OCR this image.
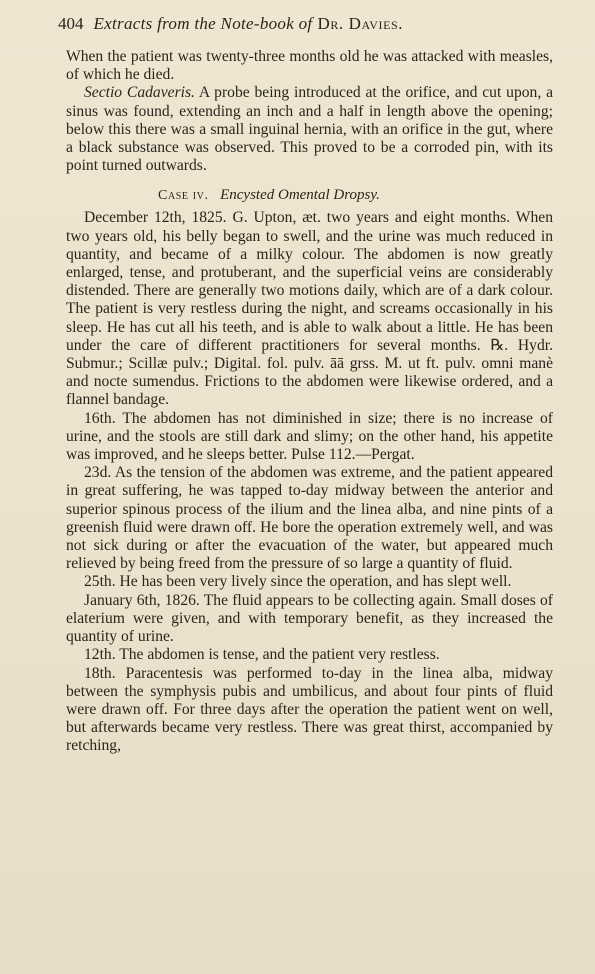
404 Extracts from the Note-book of Dr. Davies.

When the patient was twenty-three months old he was attacked with measles, of which he died.

Sectio Cadaveris. A probe being introduced at the orifice, and cut upon, a sinus was found, extending an inch and a half in length above the opening; below this there was a small inguinal hernia, with an orifice in the gut, where a black substance was observed. This proved to be a corroded pin, with its point turned outwards.

Case iv. Encysted Omental Dropsy.

December 12th, 1825. G. Upton, æt. two years and eight months. When two years old, his belly began to swell, and the urine was much reduced in quantity, and became of a milky colour. The abdomen is now greatly enlarged, tense, and protuberant, and the superficial veins are considerably distended. There are generally two motions daily, which are of a dark colour. The patient is very restless during the night, and screams occasionally in his sleep. He has cut all his teeth, and is able to walk about a little. He has been under the care of different practitioners for several months. ℞. Hydr. Submur.; Scillæ pulv.; Digital. fol. pulv. āā grss. M. ut ft. pulv. omni manè and nocte sumendus. Frictions to the abdomen were likewise ordered, and a flannel bandage.

16th. The abdomen has not diminished in size; there is no increase of urine, and the stools are still dark and slimy; on the other hand, his appetite was improved, and he sleeps better. Pulse 112.—Pergat.

23d. As the tension of the abdomen was extreme, and the patient appeared in great suffering, he was tapped to-day midway between the anterior and superior spinous process of the ilium and the linea alba, and nine pints of a greenish fluid were drawn off. He bore the operation extremely well, and was not sick during or after the evacuation of the water, but appeared much relieved by being freed from the pressure of so large a quantity of fluid.

25th. He has been very lively since the operation, and has slept well.

January 6th, 1826. The fluid appears to be collecting again. Small doses of elaterium were given, and with temporary benefit, as they increased the quantity of urine.

12th. The abdomen is tense, and the patient very restless.

18th. Paracentesis was performed to-day in the linea alba, midway between the symphysis pubis and umbilicus, and about four pints of fluid were drawn off. For three days after the operation the patient went on well, but afterwards became very restless. There was great thirst, accompanied by retching,
